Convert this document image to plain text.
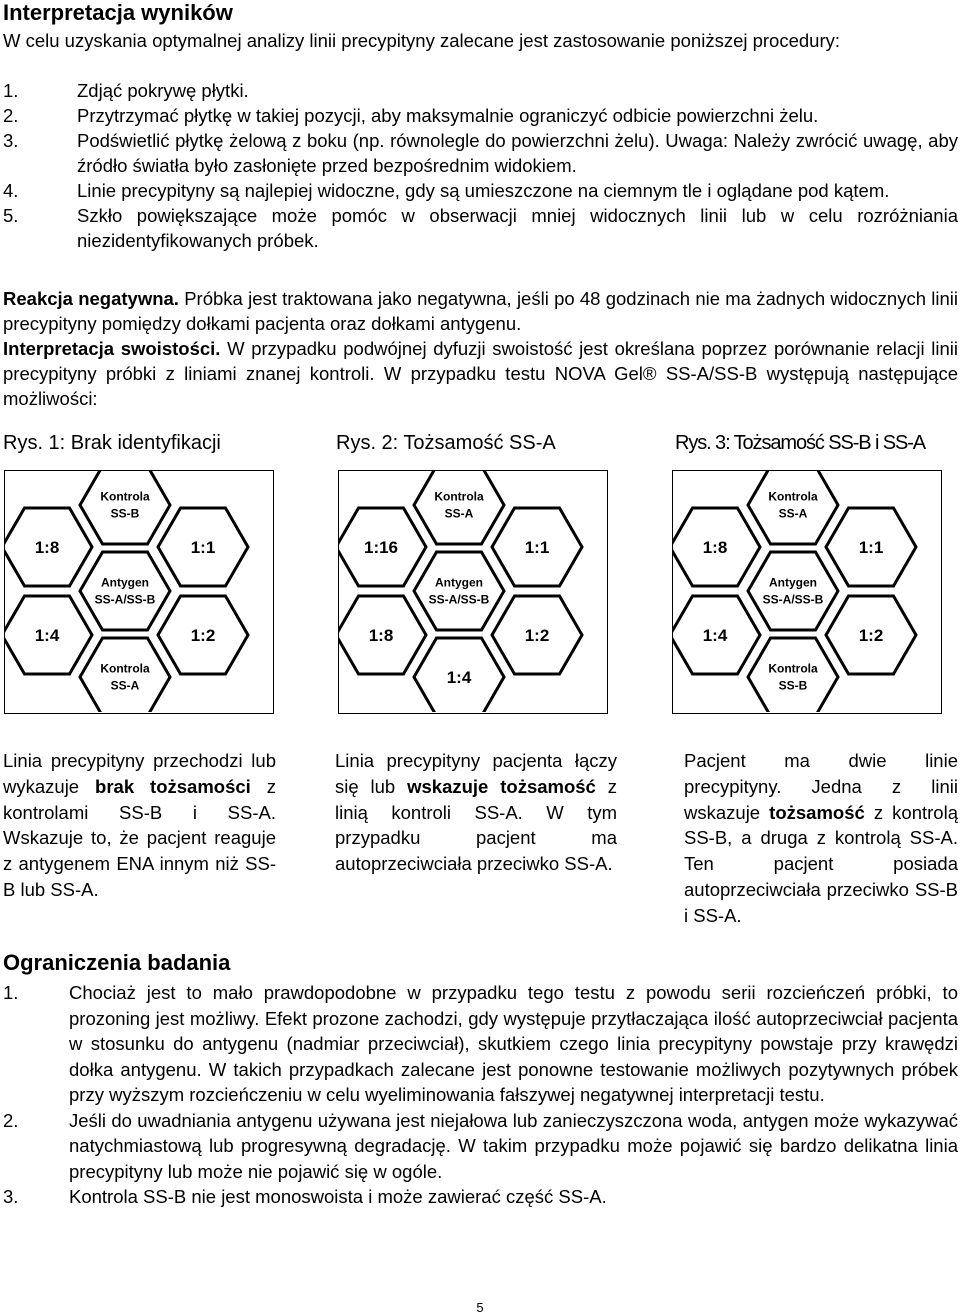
Interpretacja wyników
W celu uzyskania optymalnej analizy linii precypityny zalecane jest zastosowanie poniższej procedury:
1.	Zdjąć pokrywę płytki.
2.	Przytrzymać płytkę w takiej pozycji, aby maksymalnie ograniczyć odbicie powierzchni żelu.
3.	Podświetlić płytkę żelową z boku (np. równolegle do powierzchni żelu). Uwaga: Należy zwrócić uwagę, aby źródło światła było zasłonięte przed bezpośrednim widokiem.
4.	Linie precypityny są najlepiej widoczne, gdy są umieszczone na ciemnym tle i oglądane pod kątem.
5.	Szkło powiększające może pomóc w obserwacji mniej widocznych linii lub w celu rozróżniania niezidentyfikowanych próbek.
Reakcja negatywna. Próbka jest traktowana jako negatywna, jeśli po 48 godzinach nie ma żadnych widocznych linii precypityny pomiędzy dołkami pacjenta oraz dołkami antygenu.
Interpretacja swoistości. W przypadku podwójnej dyfuzji swoistość jest określana poprzez porównanie relacji linii precypityny próbki z liniami znanej kontroli. W przypadku testu NOVA Gel® SS-A/SS-B występują następujące możliwości:
Rys. 1: Brak identyfikacji	Rys. 2: Tożsamość SS-A	Rys. 3: Tożsamość SS-B i SS-A
Kontrola
SS-B
1:8	1:1
Antygen
SS-A/SS-B
1:4	1:2
Kontrola
SS-A
Kontrola
SS-A
1:16	1:1
Antygen
SS-A/SS-B
1:8	1:2
1:4
Kontrola
SS-A
1:8	1:1
Antygen
SS-A/SS-B
1:4	1:2
Kontrola
SS-B
Linia precypityny przechodzi lub wykazuje brak tożsamości z kontrolami SS-B i SS-A. Wskazuje to, że pacjent reaguje z antygenem ENA innym niż SS-B lub SS-A.
Linia precypityny pacjenta łączy się lub wskazuje tożsamość z linią kontroli SS-A. W tym przypadku pacjent ma autoprzeciwciała przeciwko SS-A.
Pacjent ma dwie linie precypityny. Jedna z linii wskazuje tożsamość z kontrolą SS-B, a druga z kontrolą SS-A. Ten pacjent posiada autoprzeciwciała przeciwko SS-B i SS-A.
Ograniczenia badania
1.	Chociaż jest to mało prawdopodobne w przypadku tego testu z powodu serii rozcieńczeń próbki, to prozoning jest możliwy. Efekt prozone zachodzi, gdy występuje przytłaczająca ilość autoprzeciwciał pacjenta w stosunku do antygenu (nadmiar przeciwciał), skutkiem czego linia precypityny powstaje przy krawędzi dołka antygenu. W takich przypadkach zalecane jest ponowne testowanie możliwych pozytywnych próbek przy wyższym rozcieńczeniu w celu wyeliminowania fałszywej negatywnej interpretacji testu.
2.	Jeśli do uwadniania antygenu używana jest niejałowa lub zanieczyszczona woda, antygen może wykazywać natychmiastową lub progresywną degradację. W takim przypadku może pojawić się bardzo delikatna linia precypityny lub może nie pojawić się w ogóle.
3.	Kontrola SS-B nie jest monoswoista i może zawierać część SS-A.
5
